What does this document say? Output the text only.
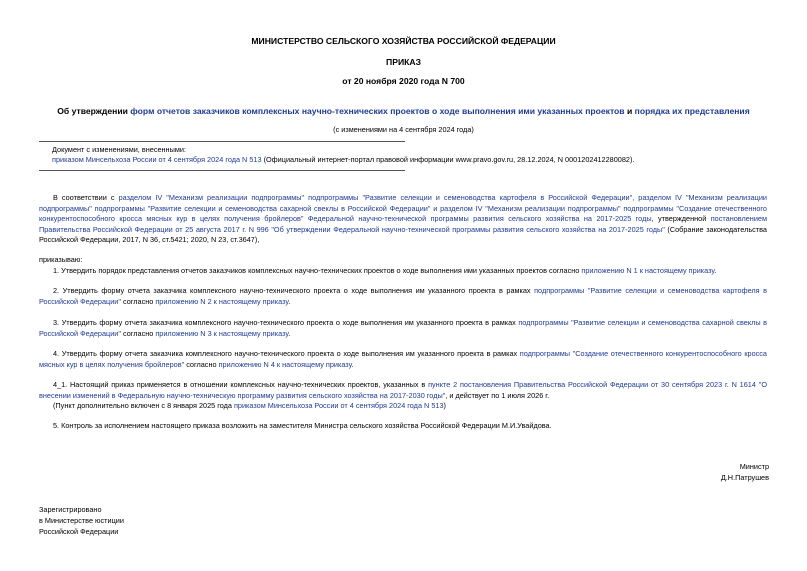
МИНИСТЕРСТВО СЕЛЬСКОГО ХОЗЯЙСТВА РОССИЙСКОЙ ФЕДЕРАЦИИ
ПРИКАЗ
от 20 ноября 2020 года N 700
Об утверждении форм отчетов заказчиков комплексных научно-технических проектов о ходе выполнения ими указанных проектов и порядка их представления
(с изменениями на 4 сентября 2024 года)
Документ с изменениями, внесенными:
приказом Минсельхоза России от 4 сентября 2024 года N 513 (Официальный интернет-портал правовой информации www.pravo.gov.ru, 28.12.2024, N 0001202412280082).
В соответствии с разделом IV "Механизм реализации подпрограммы" подпрограммы "Развитие селекции и семеноводства картофеля в Российской Федерации", разделом IV "Механизм реализации подпрограммы" подпрограммы "Развитие селекции и семеноводства сахарной свеклы в Российской Федерации" и разделом IV "Механизм реализации подпрограммы" подпрограммы "Создание отечественного конкурентоспособного кросса мясных кур в целях получения бройлеров" Федеральной научно-технической программы развития сельского хозяйства на 2017-2025 годы, утвержденной постановлением Правительства Российской Федерации от 25 августа 2017 г. N 996 "Об утверждении Федеральной научно-технической программы развития сельского хозяйства на 2017-2025 годы" (Собрание законодательства Российской Федерации, 2017, N 36, ст.5421; 2020, N 23, ст.3647),
приказываю:
1. Утвердить порядок представления отчетов заказчиков комплексных научно-технических проектов о ходе выполнения ими указанных проектов согласно приложению N 1 к настоящему приказу.
2. Утвердить форму отчета заказчика комплексного научно-технического проекта о ходе выполнения им указанного проекта в рамках подпрограммы "Развитие селекции и семеноводства картофеля в Российской Федерации" согласно приложению N 2 к настоящему приказу.
3. Утвердить форму отчета заказчика комплексного научно-технического проекта о ходе выполнения им указанного проекта в рамках подпрограммы "Развитие селекции и семеноводства сахарной свеклы в Российской Федерации" согласно приложению N 3 к настоящему приказу.
4. Утвердить форму отчета заказчика комплексного научно-технического проекта о ходе выполнения им указанного проекта в рамках подпрограммы "Создание отечественного конкурентоспособного кросса мясных кур в целях получения бройлеров" согласно приложению N 4 к настоящему приказу.
4_1. Настоящий приказ применяется в отношении комплексных научно-технических проектов, указанных в пункте 2 постановления Правительства Российской Федерации от 30 сентября 2023 г. N 1614 "О внесении изменений в Федеральную научно-техническую программу развития сельского хозяйства на 2017-2030 годы", и действует по 1 июля 2026 г.
(Пункт дополнительно включен с 8 января 2025 года приказом Минсельхоза России от 4 сентября 2024 года N 513)
5. Контроль за исполнением настоящего приказа возложить на заместителя Министра сельского хозяйства Российской Федерации М.И.Увайдова.
Министр
Д.Н.Патрушев
Зарегистрировано
в Министерстве юстиции
Российской Федерации
